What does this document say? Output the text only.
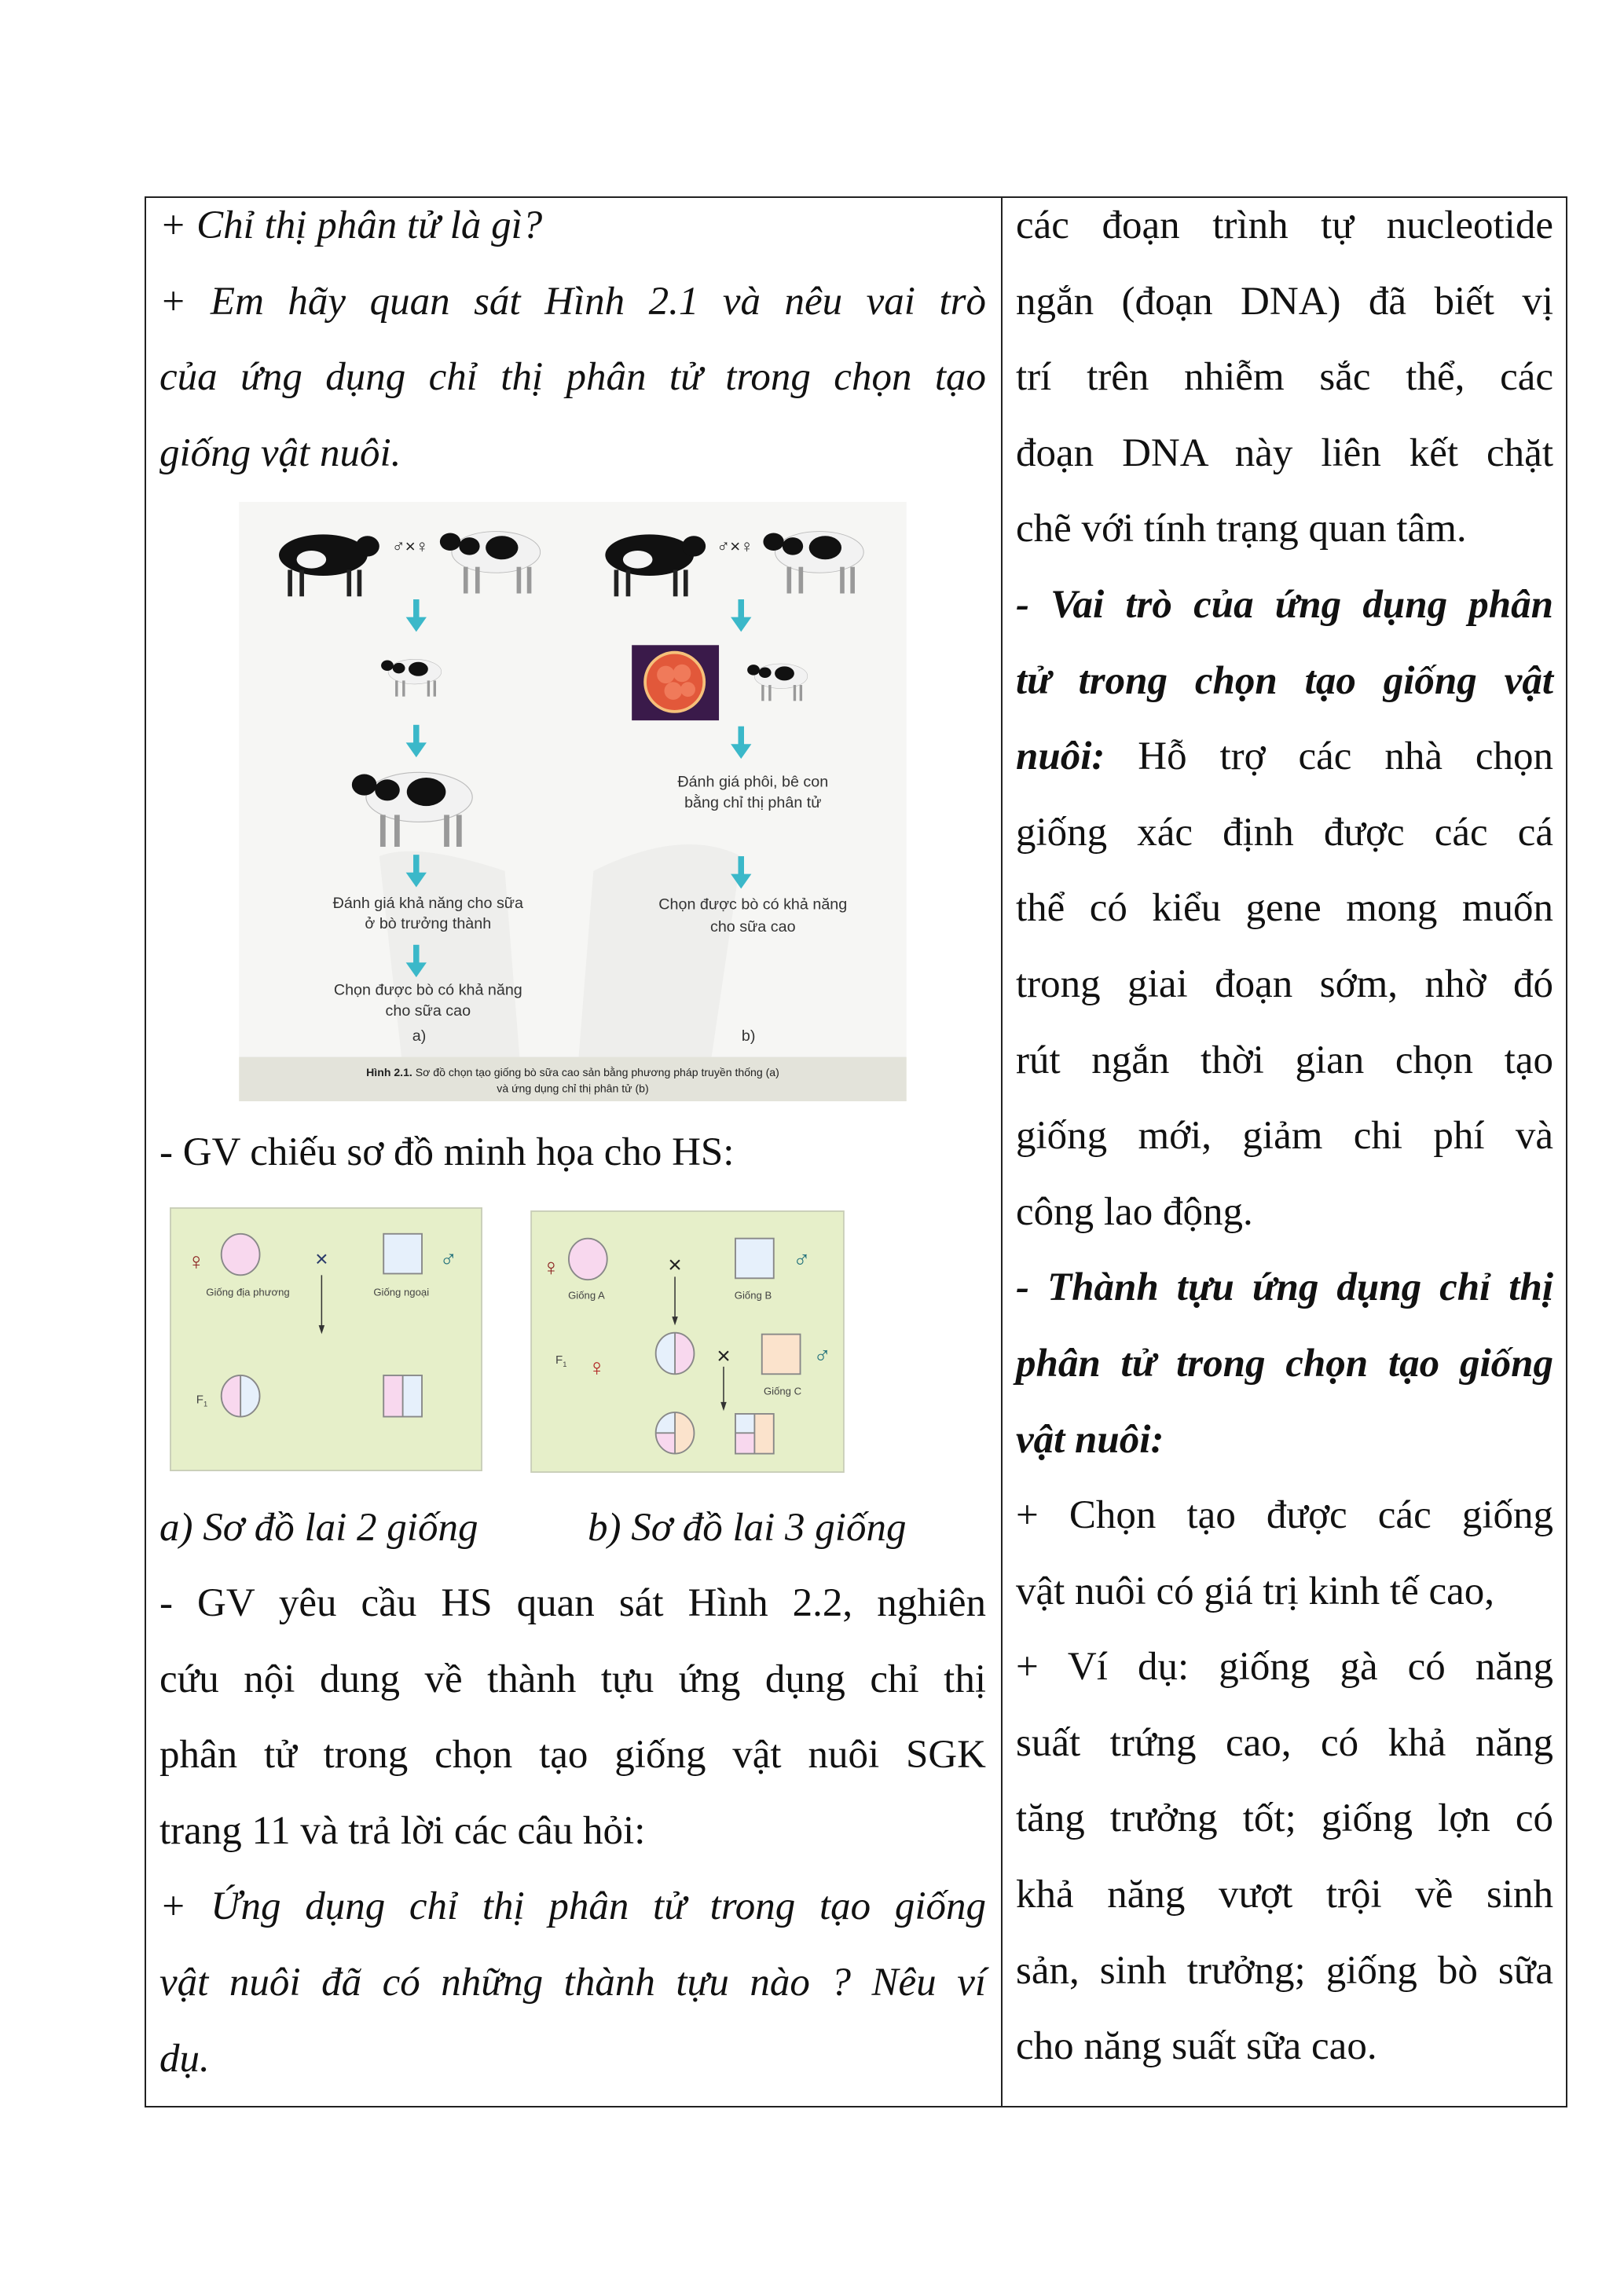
+ Chỉ thị phân tử là gì?
+ Em hãy quan sát Hình 2.1 và nêu vai trò
của ứng dụng chỉ thị phân tử trong chọn tạo
giống vật nuôi.
♂×♀	♂×♀
Đánh giá khả năng cho sữa
ở bò trưởng thành
Chọn được bò có khả năng
cho sữa cao
a)
Đánh giá phôi, bê con
bằng chỉ thị phân tử
Chọn được bò có khả năng
cho sữa cao
b)
Hình 2.1. Sơ đồ chọn tạo giống bò sữa cao sản bằng phương pháp truyền thống (a)
và ứng dụng chỉ thị phân tử (b)
- GV chiếu sơ đồ minh họa cho HS:
♀	×	♂
Giống địa phương	Giống ngoại
$F_1$
♀	×	♂
Giống A	Giống B
$F_1$ ♀	×	♂
Giống C
a) Sơ đồ lai 2 giống	b) Sơ đồ lai 3 giống
- GV yêu cầu HS quan sát Hình 2.2, nghiên
cứu nội dung về thành tựu ứng dụng chỉ thị
phân tử trong chọn tạo giống vật nuôi SGK
trang 11 và trả lời các câu hỏi:
+ Ứng dụng chỉ thị phân tử trong tạo giống
vật nuôi đã có những thành tựu nào ? Nêu ví
dụ.
các đoạn trình tự nucleotide
ngắn (đoạn DNA) đã biết vị
trí trên nhiễm sắc thể, các
đoạn DNA này liên kết chặt
chẽ với tính trạng quan tâm.
- Vai trò của ứng dụng phân
tử trong chọn tạo giống vật
nuôi: Hỗ trợ các nhà chọn
giống xác định được các cá
thể có kiểu gene mong muốn
trong giai đoạn sớm, nhờ đó
rút ngắn thời gian chọn tạo
giống mới, giảm chi phí và
công lao động.
- Thành tựu ứng dụng chỉ thị
phân tử trong chọn tạo giống
vật nuôi:
+ Chọn tạo được các giống
vật nuôi có giá trị kinh tế cao,
+ Ví dụ: giống gà có năng
suất trứng cao, có khả năng
tăng trưởng tốt; giống lợn có
khả năng vượt trội về sinh
sản, sinh trưởng; giống bò sữa
cho năng suất sữa cao.
